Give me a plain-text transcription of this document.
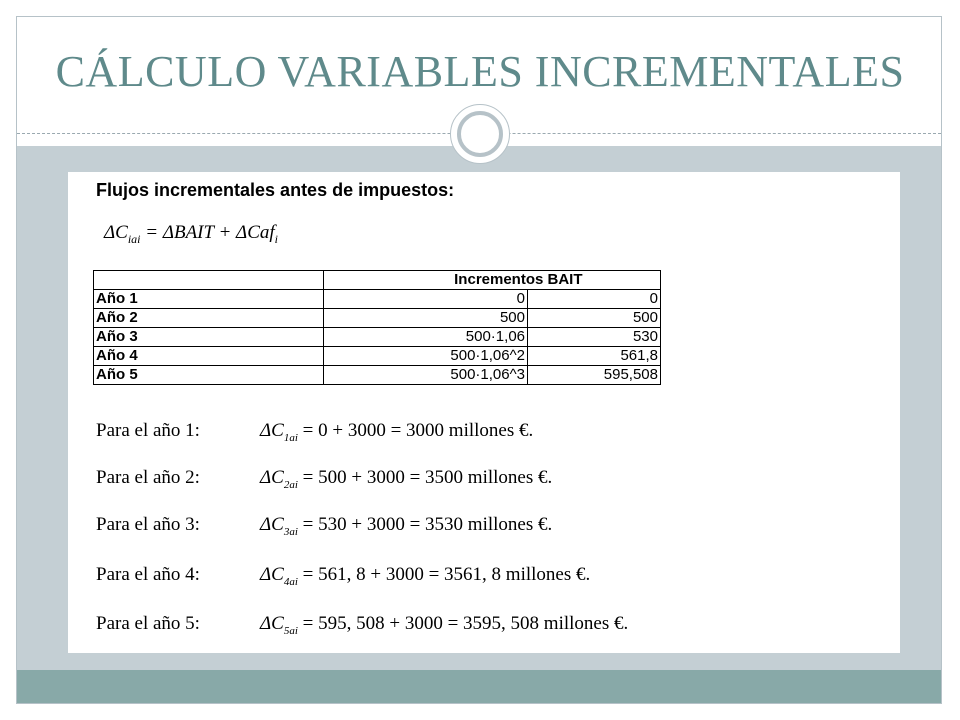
CÁLCULO VARIABLES INCREMENTALES
Flujos incrementales antes de impuestos:
$\Delta C_{iai}$ = ΔBAIT + ΔCaf$_i$
	Incrementos BAIT	
Año 1	0	0
Año 2	500	500
Año 3	500·1,06	530
Año 4	500·1,06^2	561,8
Año 5	500·1,06^3	595,508
Para el año 1:	$\Delta C_{1ai} = 0 + 3000 = 3000$ millones €.
Para el año 2:	$\Delta C_{2ai} = 500 + 3000 = 3500$ millones €.
Para el año 3:	$\Delta C_{3ai} = 530 + 3000 = 3530$ millones €.
Para el año 4:	$\Delta C_{4ai} = 561$, 8 + 3000 = 3561, 8 millones €.
Para el año 5:	$\Delta C_{5ai} = 595$, 508 + 3000 = 3595, 508 millones €.
